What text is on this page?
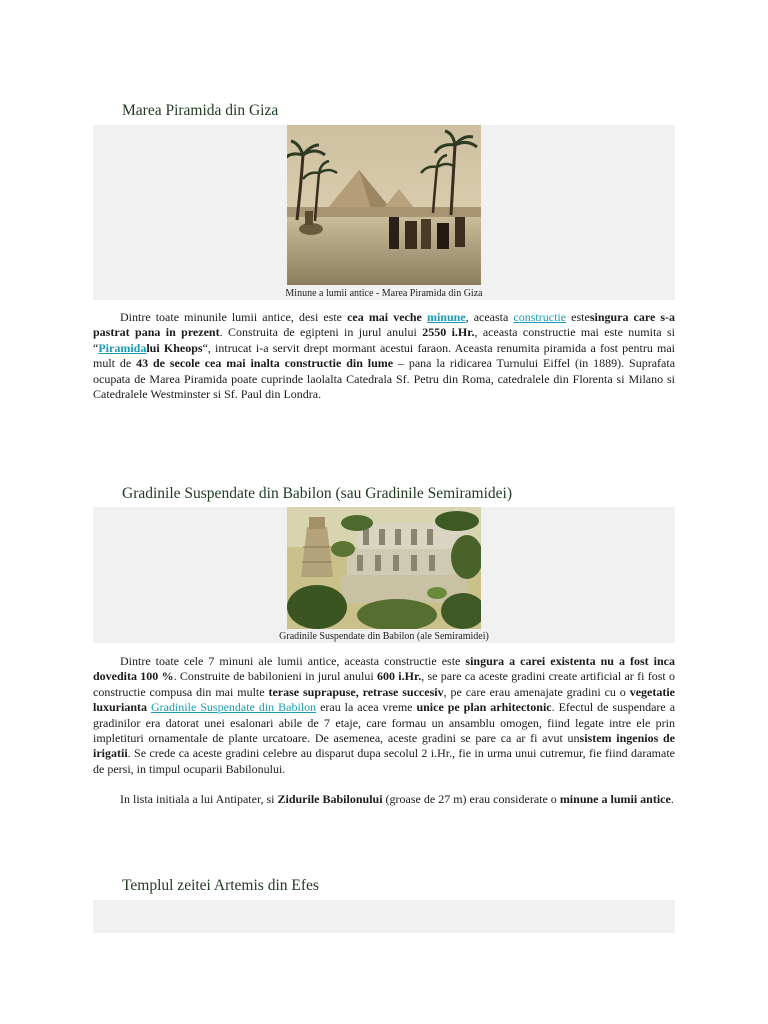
Marea Piramida din Giza
Minune a lumii antice - Marea Piramida din Giza

Dintre toate minunile lumii antice, desi este cea mai veche minune, aceasta constructie estesingura care s-a pastrat pana in prezent. Construita de egipteni in jurul anului 2550 i.Hr., aceasta constructie mai este numita si “Piramidalui Kheops“, intrucat i-a servit drept mormant acestui faraon. Aceasta renumita piramida a fost pentru mai mult de 43 de secole cea mai inalta constructie din lume – pana la ridicarea Turnului Eiffel (in 1889). Suprafata ocupata de Marea Piramida poate cuprinde laolalta Catedrala Sf. Petru din Roma, catedralele din Florenta si Milano si Catedralele Westminster si Sf. Paul din Londra.

Gradinile Suspendate din Babilon (sau Gradinile Semiramidei)
Gradinile Suspendate din Babilon (ale Semiramidei)

Dintre toate cele 7 minuni ale lumii antice, aceasta constructie este singura a carei existenta nu a fost inca dovedita 100 %. Construite de babilonieni in jurul anului 600 i.Hr., se pare ca aceste gradini create artificial ar fi fost o constructie compusa din mai multe terase suprapuse, retrase succesiv, pe care erau amenajate gradini cu o vegetatie luxurianta Gradinile Suspendate din Babilon erau la acea vreme unice pe plan arhitectonic. Efectul de suspendare a gradinilor era datorat unei esalonari abile de 7 etaje, care formau un ansamblu omogen, fiind legate intre ele prin impletituri ornamentale de plante urcatoare. De asemenea, aceste gradini se pare ca ar fi avut unsistem ingenios de irigatii. Se crede ca aceste gradini celebre au disparut dupa secolul 2 i.Hr., fie in urma unui cutremur, fie fiind daramate de persi, in timpul ocuparii Babilonului.

In lista initiala a lui Antipater, si Zidurile Babilonului (groase de 27 m) erau considerate o minune a lumii antice.

Templul zeitei Artemis din Efes
